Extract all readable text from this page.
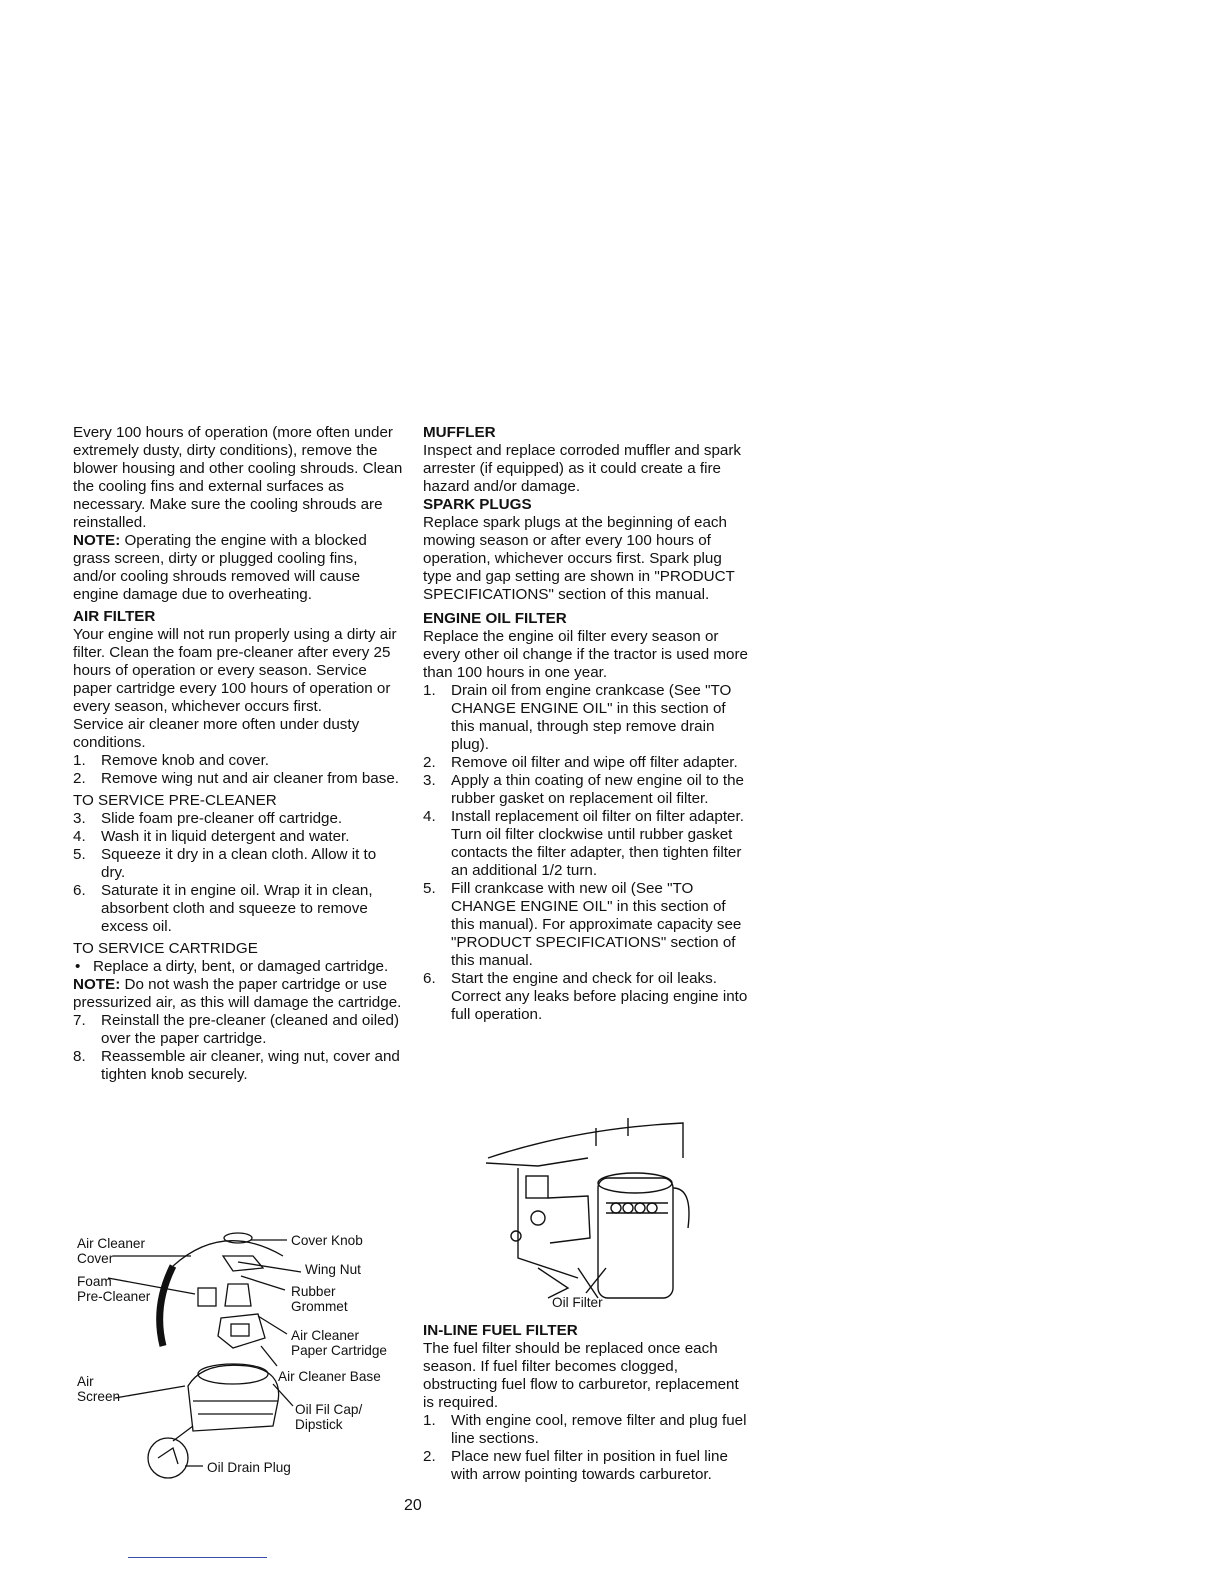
Every 100 hours of operation (more often under extremely dusty, dirty conditions), remove the blower housing and other cooling shrouds. Clean the cooling fins and external surfaces as necessary. Make sure the cooling shrouds are reinstalled.

NOTE: Operating the engine with a blocked grass screen, dirty or plugged cooling fins, and/or cooling shrouds removed will cause engine damage due to overheating.

AIR FILTER

Your engine will not run properly using a dirty air filter. Clean the foam pre-cleaner after every 25 hours of operation or every season. Service paper cartridge every 100 hours of operation or every season, whichever occurs first.

Service air cleaner more often under dusty conditions.

1.	Remove knob and cover.
2.	Remove wing nut and air cleaner from base.

TO SERVICE PRE-CLEANER

3.	Slide foam pre-cleaner off cartridge.
4.	Wash it in liquid detergent and water.
5.	Squeeze it dry in a clean cloth. Allow it to dry.
6.	Saturate it in engine oil. Wrap it in clean, absorbent cloth and squeeze to remove excess oil.

TO SERVICE CARTRIDGE

• Replace a dirty, bent, or damaged cartridge.

NOTE: Do not wash the paper cartridge or use pressurized air, as this will damage the cartridge.

7.	Reinstall the pre-cleaner (cleaned and oiled) over the paper cartridge.
8.	Reassemble air cleaner, wing nut, cover and tighten knob securely.
Air Cleaner
Cover
Foam
Pre-Cleaner
Air
Screen
Cover Knob
Wing Nut
Rubber
Grommet
Air Cleaner
Paper Cartridge
Air Cleaner Base
Oil Fil Cap/
Dipstick
Oil Drain Plug
MUFFLER

Inspect and replace corroded muffler and spark arrester (if equipped) as it could create a fire hazard and/or damage.

SPARK PLUGS

Replace spark plugs at the beginning of each mowing season or after every 100 hours of operation, whichever occurs first. Spark plug type and gap setting are shown in "PRODUCT SPECIFICATIONS" section of this manual.

ENGINE OIL FILTER

Replace the engine oil filter every season or every other oil change if the tractor is used more than 100 hours in one year.

1.	Drain oil from engine crankcase (See "TO CHANGE ENGINE OIL" in this section of this manual, through step remove drain plug).
2.	Remove oil filter and wipe off filter adapter.
3.	Apply a thin coating of new engine oil to the rubber gasket on replacement oil filter.
4.	Install replacement oil filter on filter adapter. Turn oil filter clockwise until rubber gasket contacts the filter adapter, then tighten filter an additional 1/2 turn.
5.	Fill crankcase with new oil (See "TO CHANGE ENGINE OIL" in this section of this manual). For approximate capacity see "PRODUCT SPECIFICATIONS" section of this manual.
6.	Start the engine and check for oil leaks. Correct any leaks before placing engine into full operation.
Oil Filter
IN-LINE FUEL FILTER

The fuel filter should be replaced once each season. If fuel filter becomes clogged, obstructing fuel flow to carburetor, replacement is required.

1.	With engine cool, remove filter and plug fuel line sections.
2.	Place new fuel filter in position in fuel line with arrow pointing towards carburetor.
20
